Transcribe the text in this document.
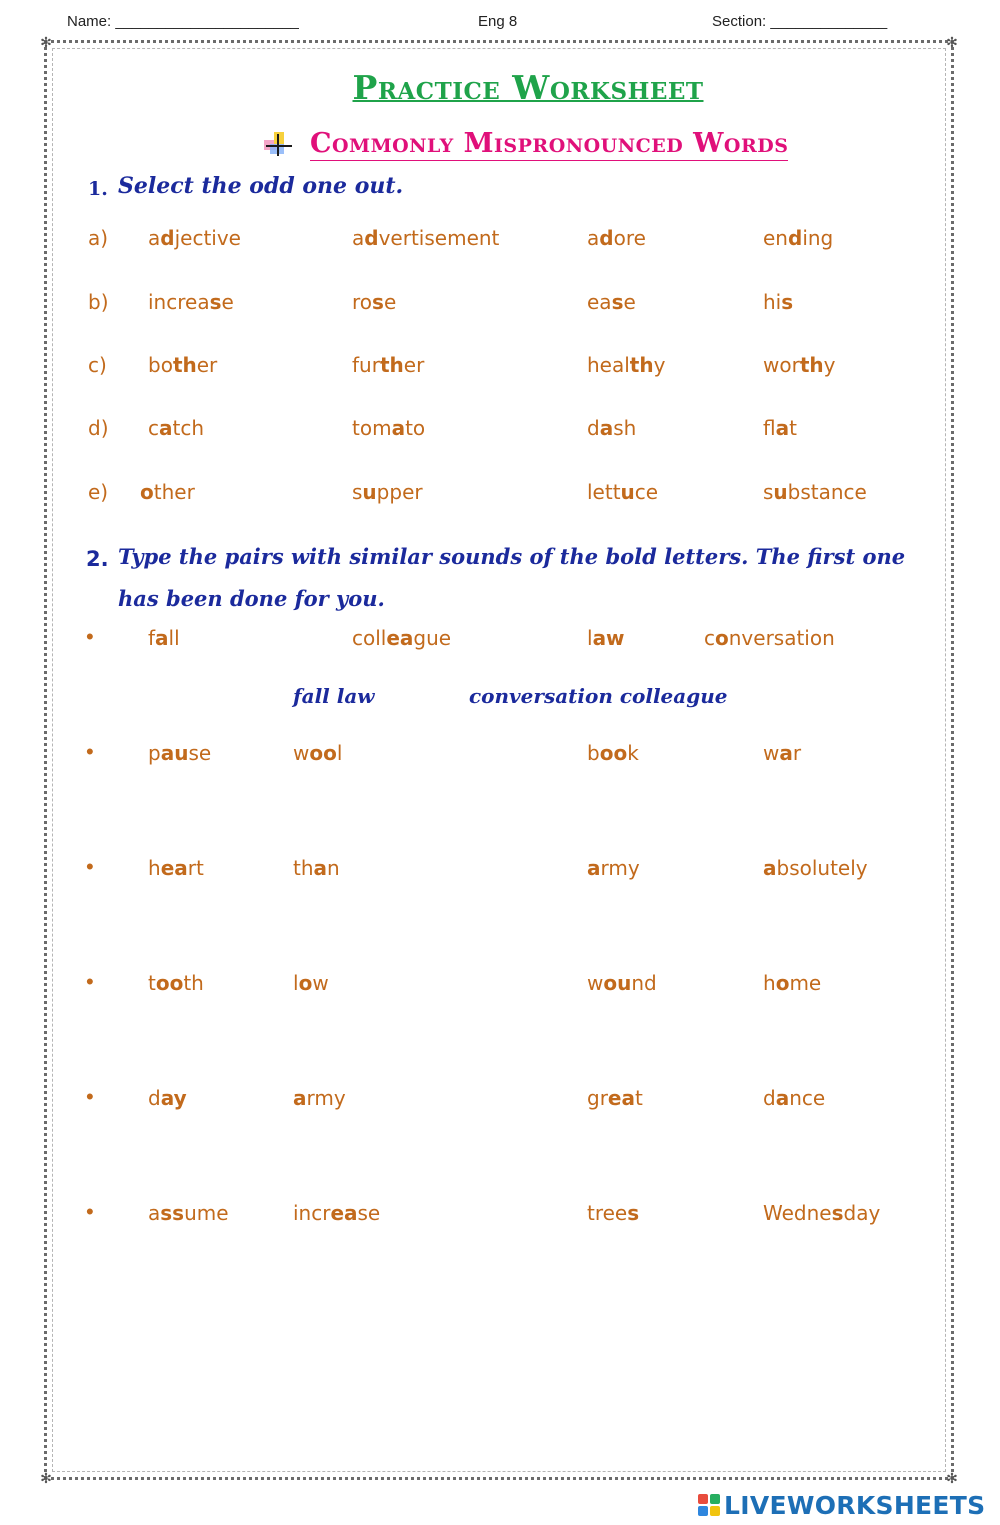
Name: ______________________	Eng 8	Section: ______________
✻	✻
✻	✻
Practice Worksheet
Commonly Mispronounced Words
1. Select the odd one out.
a) adjective	advertisement	adore	ending
b) increase	rose	ease	his
c) bother	further	healthy	worthy
d) catch	tomato	dash	flat
e) other	supper	lettuce	substance
2. Type the pairs with similar sounds of the bold letters. The first one
has been done for you.
•	fall	colleague	law	conversation
fall law	conversation colleague
•	pause	wool	book	war
•	heart	than	army	absolutely
•	tooth	low	wound	home
•	day	army	great	dance
•	assume	increase	trees	Wednesday
LIVEWORKSHEETS
